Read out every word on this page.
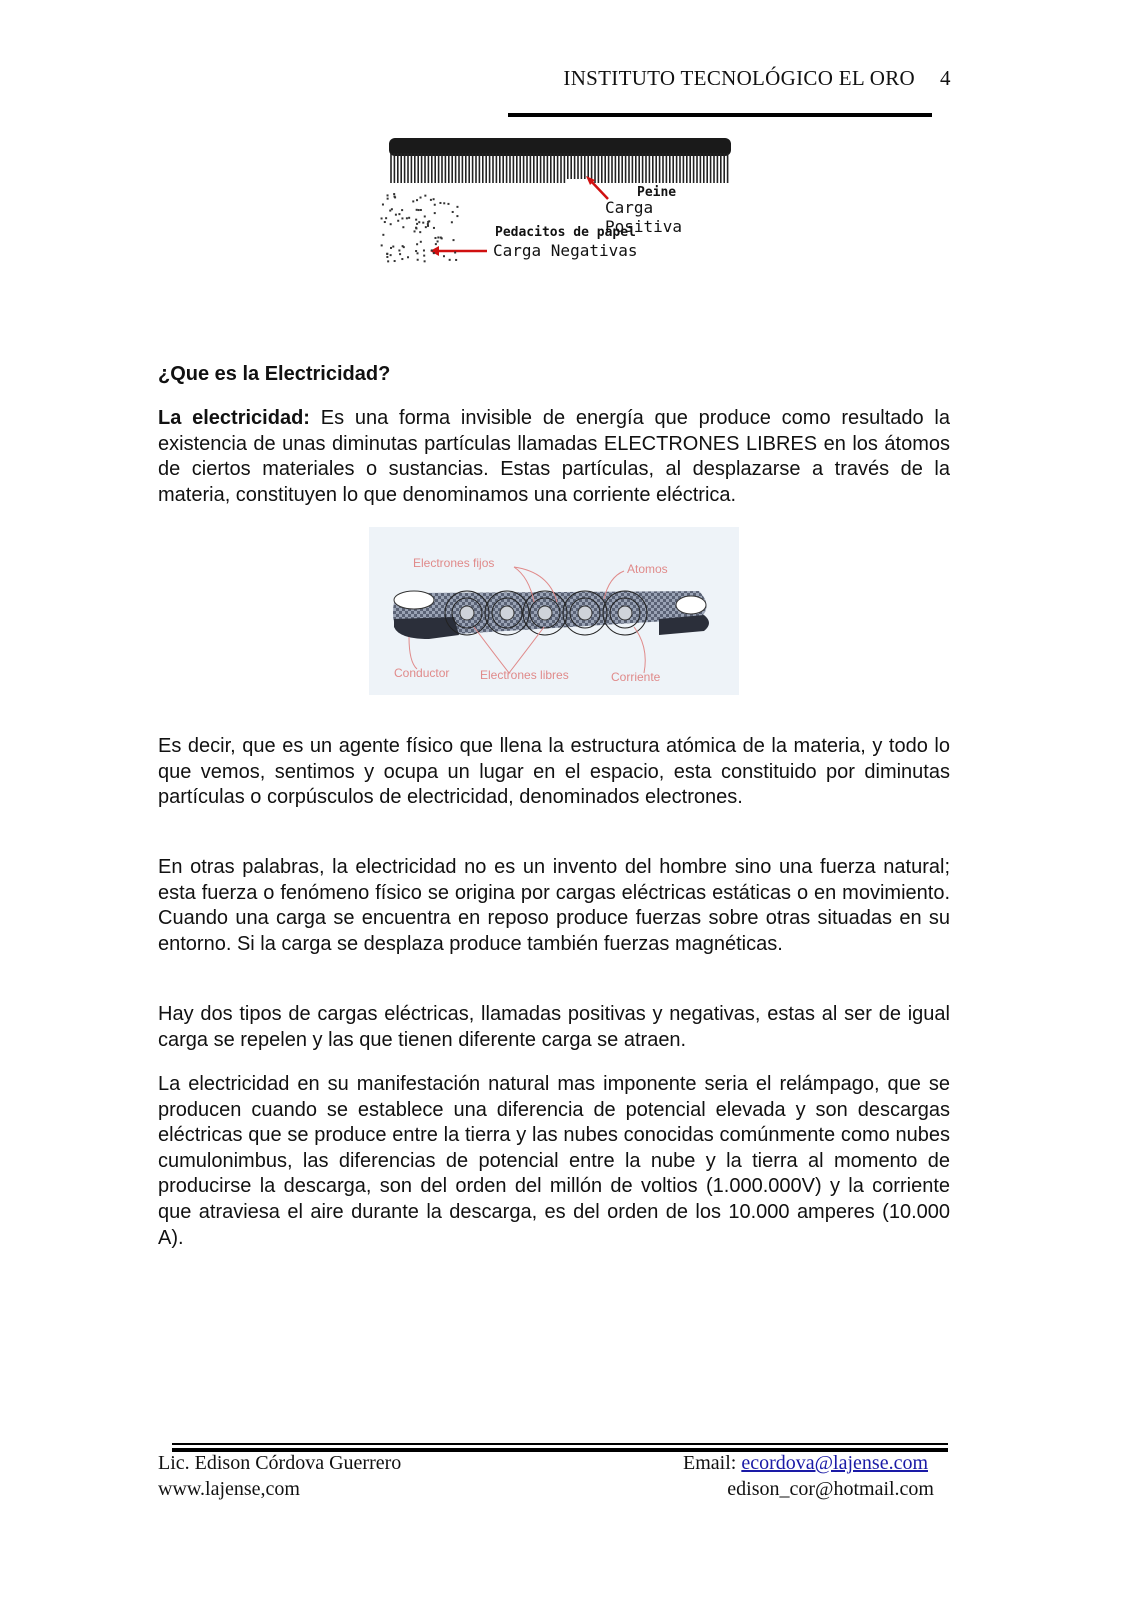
INSTITUTO TECNOLÓGICO EL ORO 4
Peine
Carga Positiva
Pedacitos de papel
Carga Negativas
¿Que es la Electricidad?
La electricidad: Es una forma invisible de energía que produce como resultado la existencia de unas diminutas partículas llamadas ELECTRONES LIBRES en los átomos de ciertos materiales o sustancias. Estas partículas, al desplazarse a través de la materia, constituyen lo que denominamos una corriente eléctrica.
Electrones fijos	Atomos
Conductor	Electrones libres	Corriente

Es decir, que es un agente físico que llena la estructura atómica de la materia, y todo lo que vemos, sentimos y ocupa un lugar en el espacio, esta constituido por diminutas partículas o corpúsculos de electricidad, denominados electrones.

En otras palabras, la electricidad no es un invento del hombre sino una fuerza natural; esta fuerza o fenómeno físico se origina por cargas eléctricas estáticas o en movimiento. Cuando una carga se encuentra en reposo produce fuerzas sobre otras situadas en su entorno. Si la carga se desplaza produce también fuerzas magnéticas.

Hay dos tipos de cargas eléctricas, llamadas positivas y negativas, estas al ser de igual carga se repelen y las que tienen diferente carga se atraen.

La electricidad en su manifestación natural mas imponente seria el relámpago, que se producen cuando se establece una diferencia de potencial elevada y son descargas eléctricas que se produce entre la tierra y las nubes conocidas comúnmente como nubes cumulonimbus, las diferencias de potencial entre la nube y la tierra al momento de producirse la descarga, son del orden del millón de voltios (1.000.000V) y la corriente que atraviesa el aire durante la descarga, es del orden de los 10.000 amperes (10.000 A).

Lic. Edison Córdova Guerrero
www.lajense,com
Email: ecordova@lajense.com
edison_cor@hotmail.com
